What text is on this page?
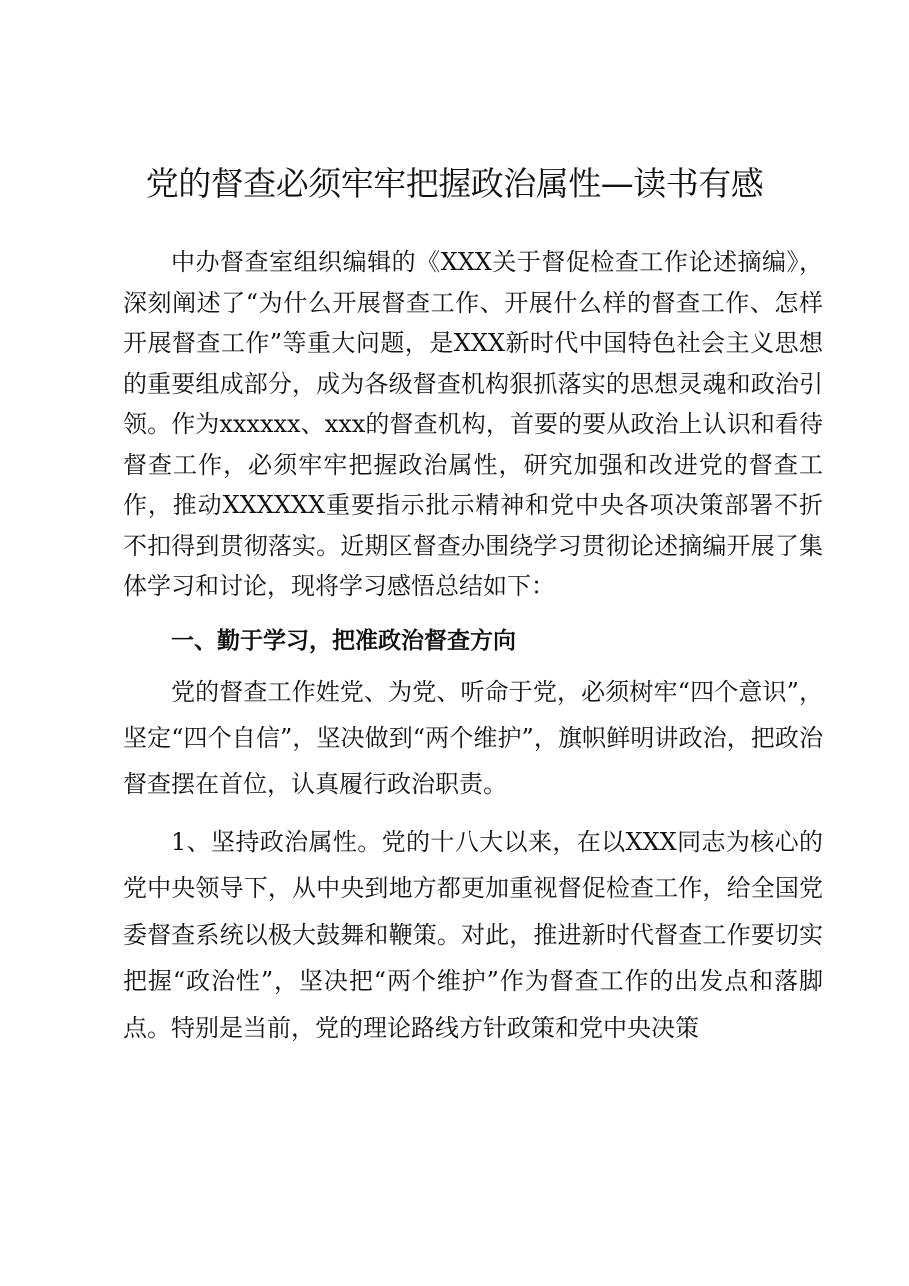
党的督查必须牢牢把握政治属性—读书有感

中办督查室组织编辑的《XXX关于督促检查工作论述摘编》，深刻阐述了“为什么开展督查工作、开展什么样的督查工作、怎样开展督查工作”等重大问题，是XXX新时代中国特色社会主义思想的重要组成部分，成为各级督查机构狠抓落实的思想灵魂和政治引领。作为xxxxxx、xxx的督查机构，首要的要从政治上认识和看待督查工作，必须牢牢把握政治属性，研究加强和改进党的督查工作，推动XXXXXX重要指示批示精神和党中央各项决策部署不折不扣得到贯彻落实。近期区督查办围绕学习贯彻论述摘编开展了集体学习和讨论，现将学习感悟总结如下：

一、勤于学习，把准政治督查方向

党的督查工作姓党、为党、听命于党，必须树牢“四个意识”，坚定“四个自信”，坚决做到“两个维护”，旗帜鲜明讲政治，把政治督查摆在首位，认真履行政治职责。

1、坚持政治属性。党的十八大以来，在以XXX同志为核心的党中央领导下，从中央到地方都更加重视督促检查工作，给全国党委督查系统以极大鼓舞和鞭策。对此，推进新时代督查工作要切实把握“政治性”，坚决把“两个维护”作为督查工作的出发点和落脚点。特别是当前，党的理论路线方针政策和党中央决策
